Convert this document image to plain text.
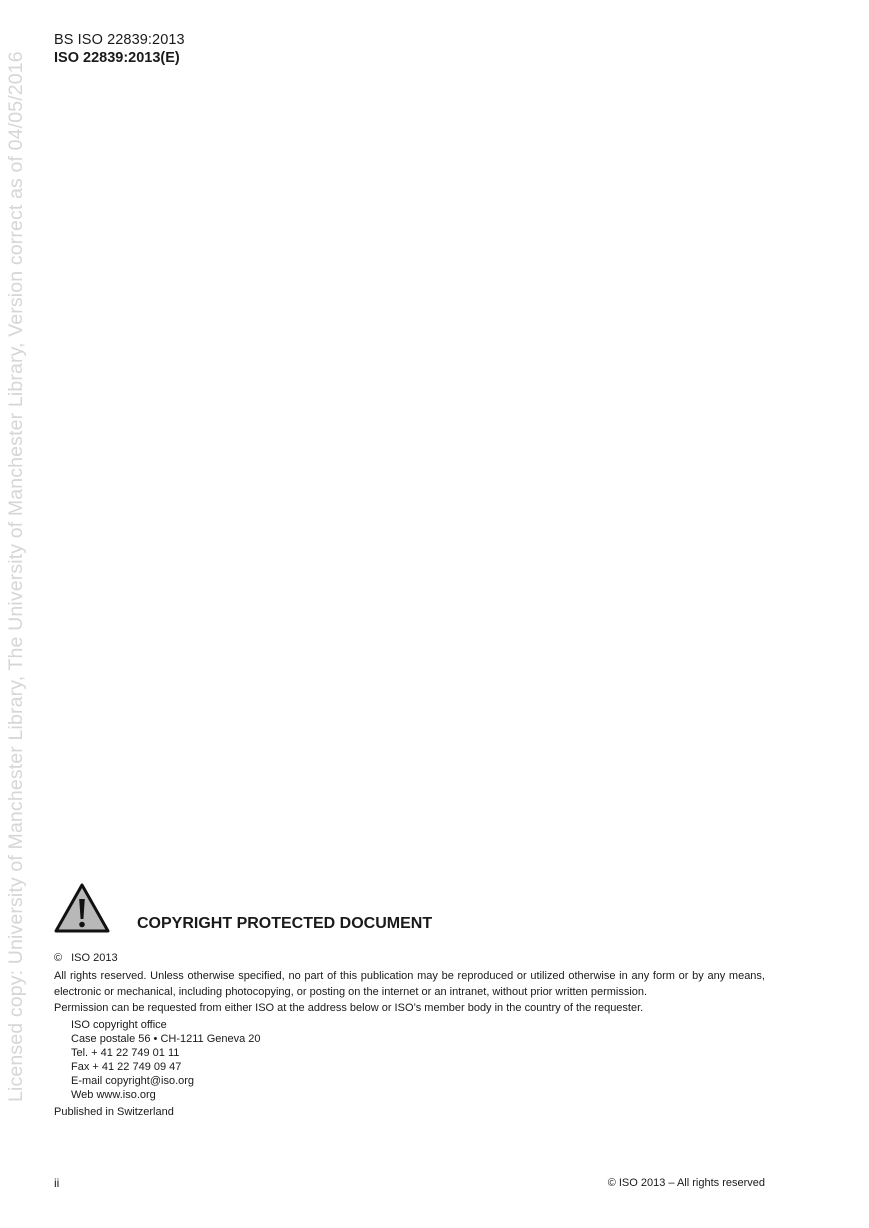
BS ISO 22839:2013
ISO 22839:2013(E)
Licensed copy: University of Manchester Library, The University of Manchester Library, Version correct as of 04/05/2016	COPYRIGHT PROTECTED DOCUMENT
© ISO 2013
All rights reserved. Unless otherwise specified, no part of this publication may be reproduced or utilized otherwise in any form or by any means, electronic or mechanical, including photocopying, or posting on the internet or an intranet, without prior written permission.
Permission can be requested from either ISO at the address below or ISO’s member body in the country of the requester.
ISO copyright office
Case postale 56 • CH-1211 Geneva 20
Tel. + 41 22 749 01 11
Fax + 41 22 749 09 47
E-mail copyright@iso.org
Web www.iso.org
Published in Switzerland
ii	© ISO 2013 – All rights reserved
